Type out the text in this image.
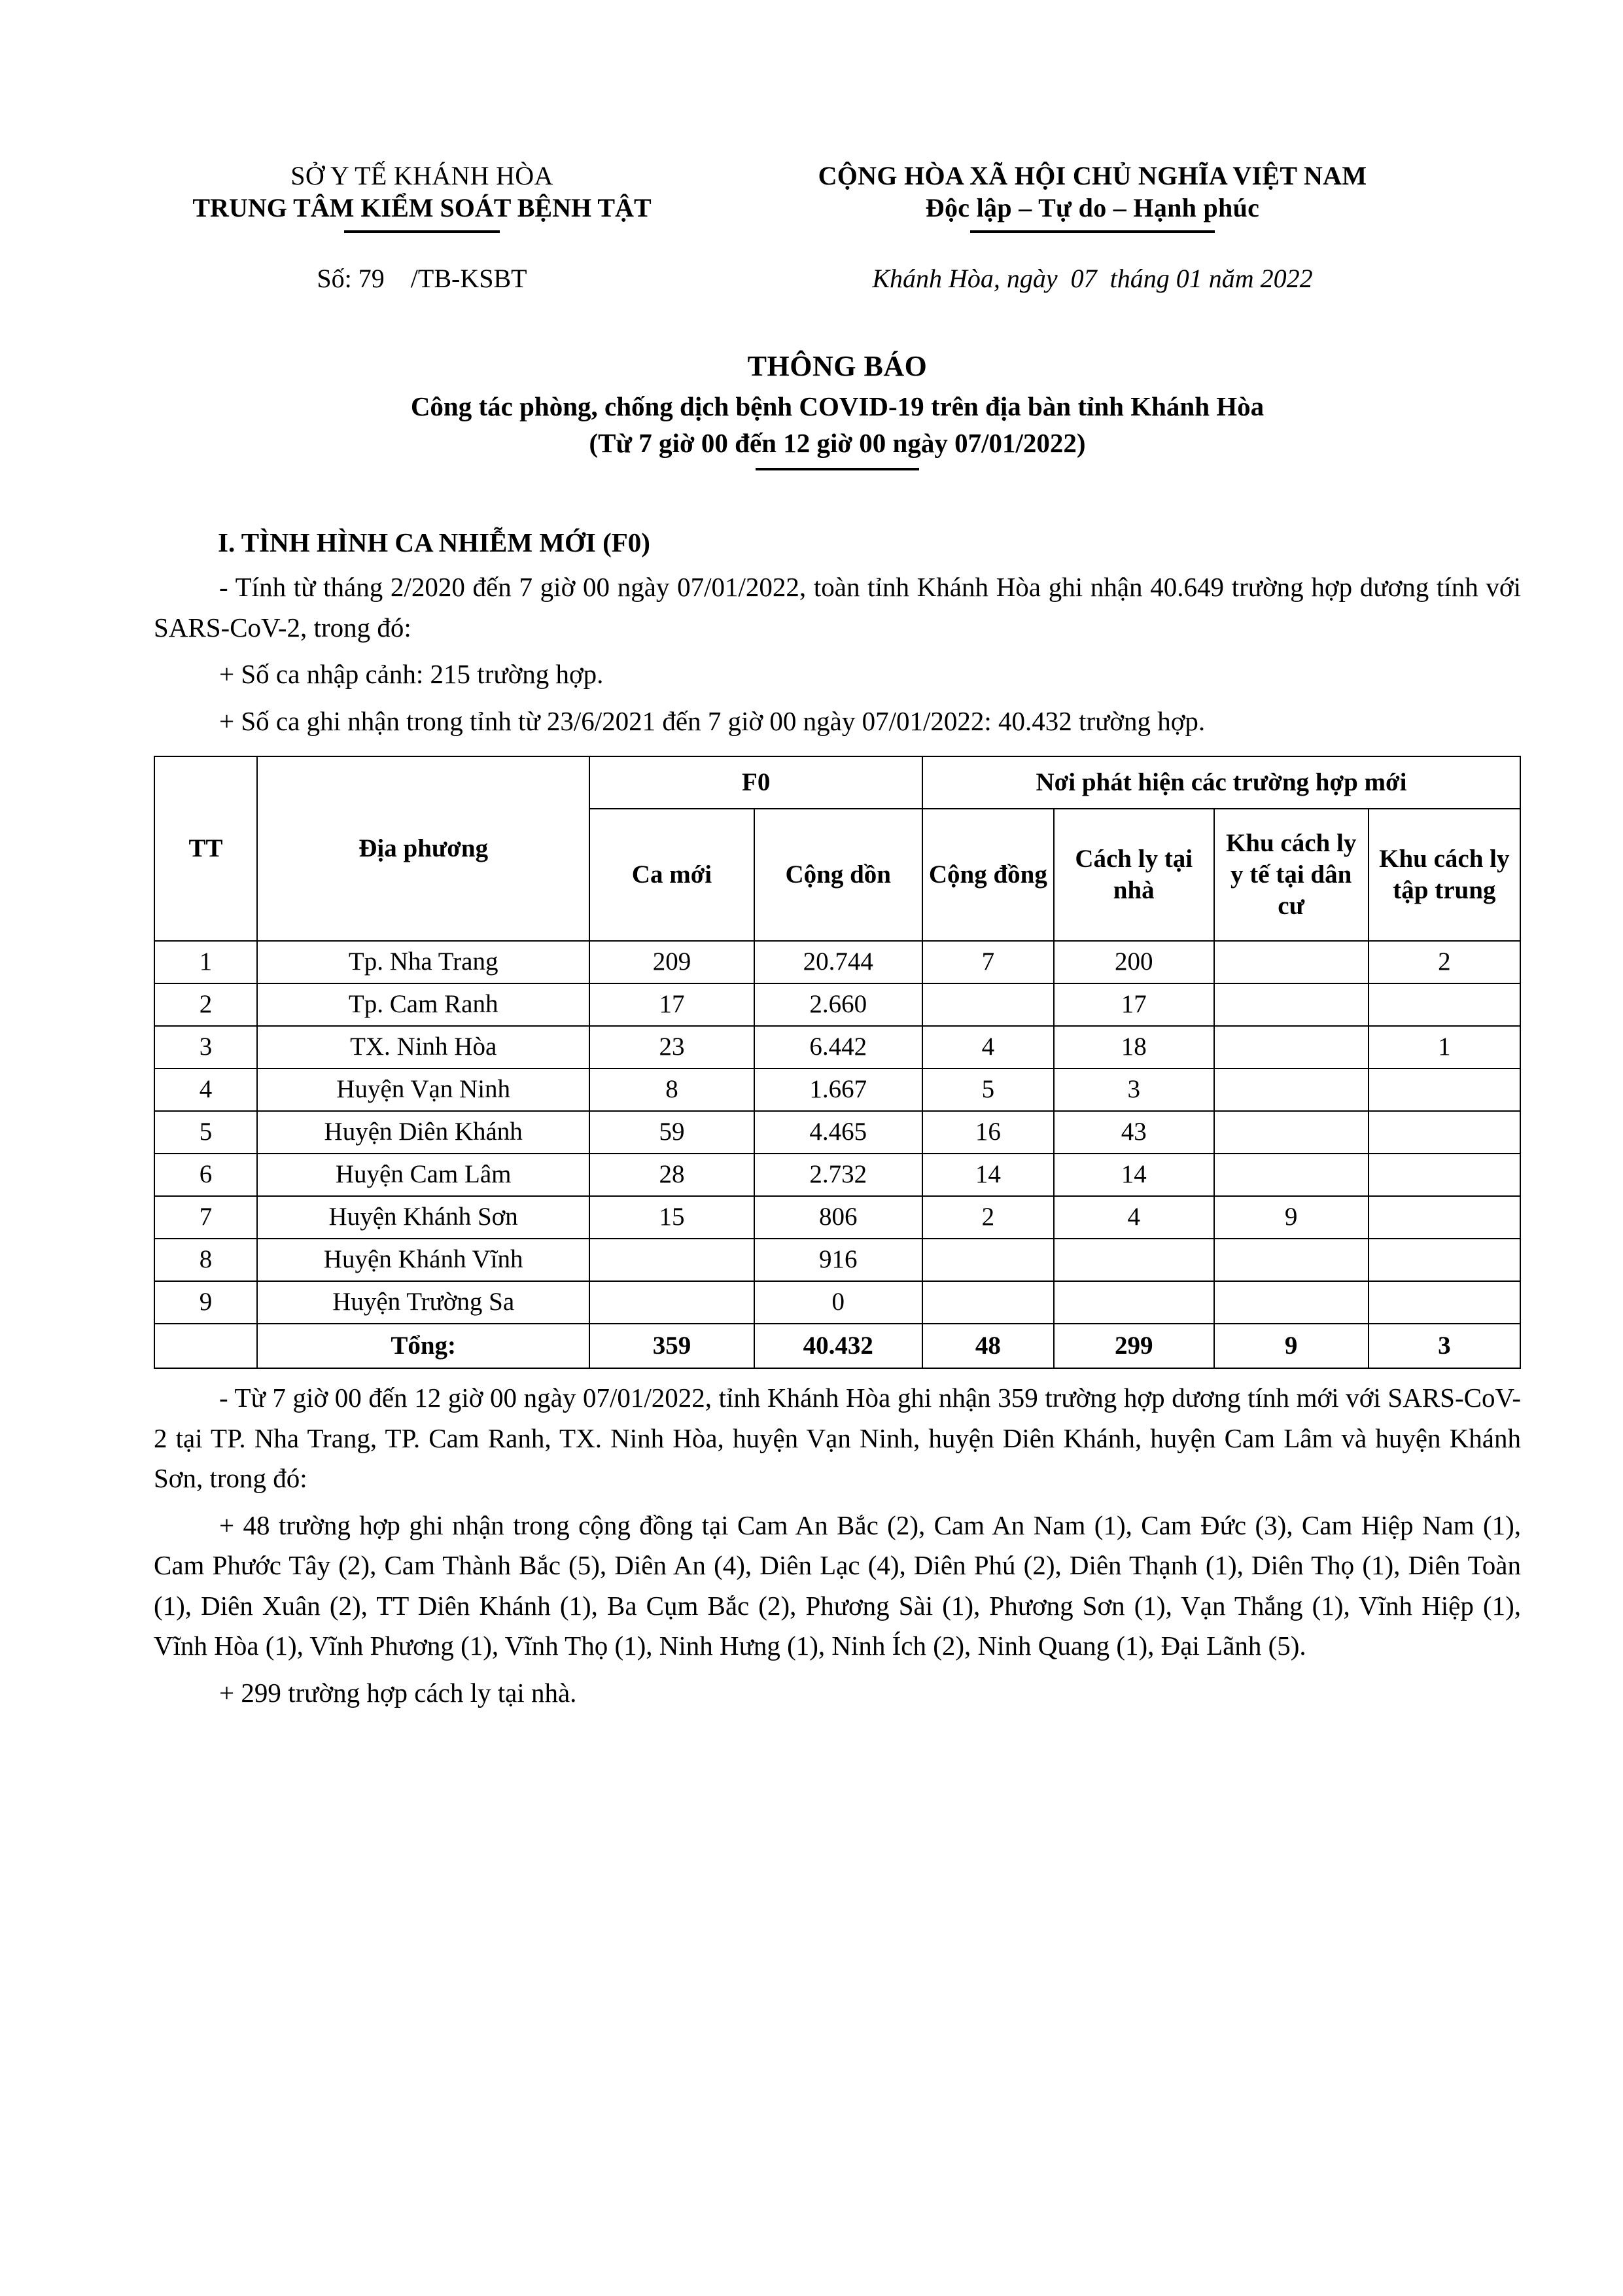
SỞ Y TẾ KHÁNH HÒA
TRUNG TÂM KIỂM SOÁT BỆNH TẬT
CỘNG HÒA XÃ HỘI CHỦ NGHĨA VIỆT NAM
Độc lập – Tự do – Hạnh phúc
Số: 79    /TB-KSBT	Khánh Hòa, ngày  07  tháng 01 năm 2022
THÔNG BÁO
Công tác phòng, chống dịch bệnh COVID-19 trên địa bàn tỉnh Khánh Hòa
(Từ 7 giờ 00 đến 12 giờ 00 ngày 07/01/2022)
I. TÌNH HÌNH CA NHIỄM MỚI (F0)

- Tính từ tháng 2/2020 đến 7 giờ 00 ngày 07/01/2022, toàn tỉnh Khánh Hòa ghi nhận 40.649 trường hợp dương tính với SARS-CoV-2, trong đó:

+ Số ca nhập cảnh: 215 trường hợp.

+ Số ca ghi nhận trong tỉnh từ 23/6/2021 đến 7 giờ 00 ngày 07/01/2022: 40.432 trường hợp.

TT	Địa phương	F0		Nơi phát hiện các trường hợp mới			
		Ca mới	Cộng dồn	Cộng đồng	Cách ly tại nhà	Khu cách ly y tế tại dân cư	Khu cách ly tập trung

1	Tp. Nha Trang	209	20.744	7	200		2
2	Tp. Cam Ranh	17	2.660		17		
3	TX. Ninh Hòa	23	6.442	4	18		1
4	Huyện Vạn Ninh	8	1.667	5	3		
5	Huyện Diên Khánh	59	4.465	16	43		
6	Huyện Cam Lâm	28	2.732	14	14		
7	Huyện Khánh Sơn	15	806	2	4	9	
8	Huyện Khánh Vĩnh		916				
9	Huyện Trường Sa		0				
	Tổng:	359	40.432	48	299	9	3

- Từ 7 giờ 00 đến 12 giờ 00 ngày 07/01/2022, tỉnh Khánh Hòa ghi nhận 359 trường hợp dương tính mới với SARS-CoV-2 tại TP. Nha Trang, TP. Cam Ranh, TX. Ninh Hòa, huyện Vạn Ninh, huyện Diên Khánh, huyện Cam Lâm và huyện Khánh Sơn, trong đó:

+ 48 trường hợp ghi nhận trong cộng đồng tại Cam An Bắc (2), Cam An Nam (1), Cam Đức (3), Cam Hiệp Nam (1), Cam Phước Tây (2), Cam Thành Bắc (5), Diên An (4), Diên Lạc (4), Diên Phú (2), Diên Thạnh (1), Diên Thọ (1), Diên Toàn (1), Diên Xuân (2), TT Diên Khánh (1), Ba Cụm Bắc (2), Phương Sài (1), Phương Sơn (1), Vạn Thắng (1), Vĩnh Hiệp (1), Vĩnh Hòa (1), Vĩnh Phương (1), Vĩnh Thọ (1), Ninh Hưng (1), Ninh Ích (2), Ninh Quang (1), Đại Lãnh (5).

+ 299 trường hợp cách ly tại nhà.
